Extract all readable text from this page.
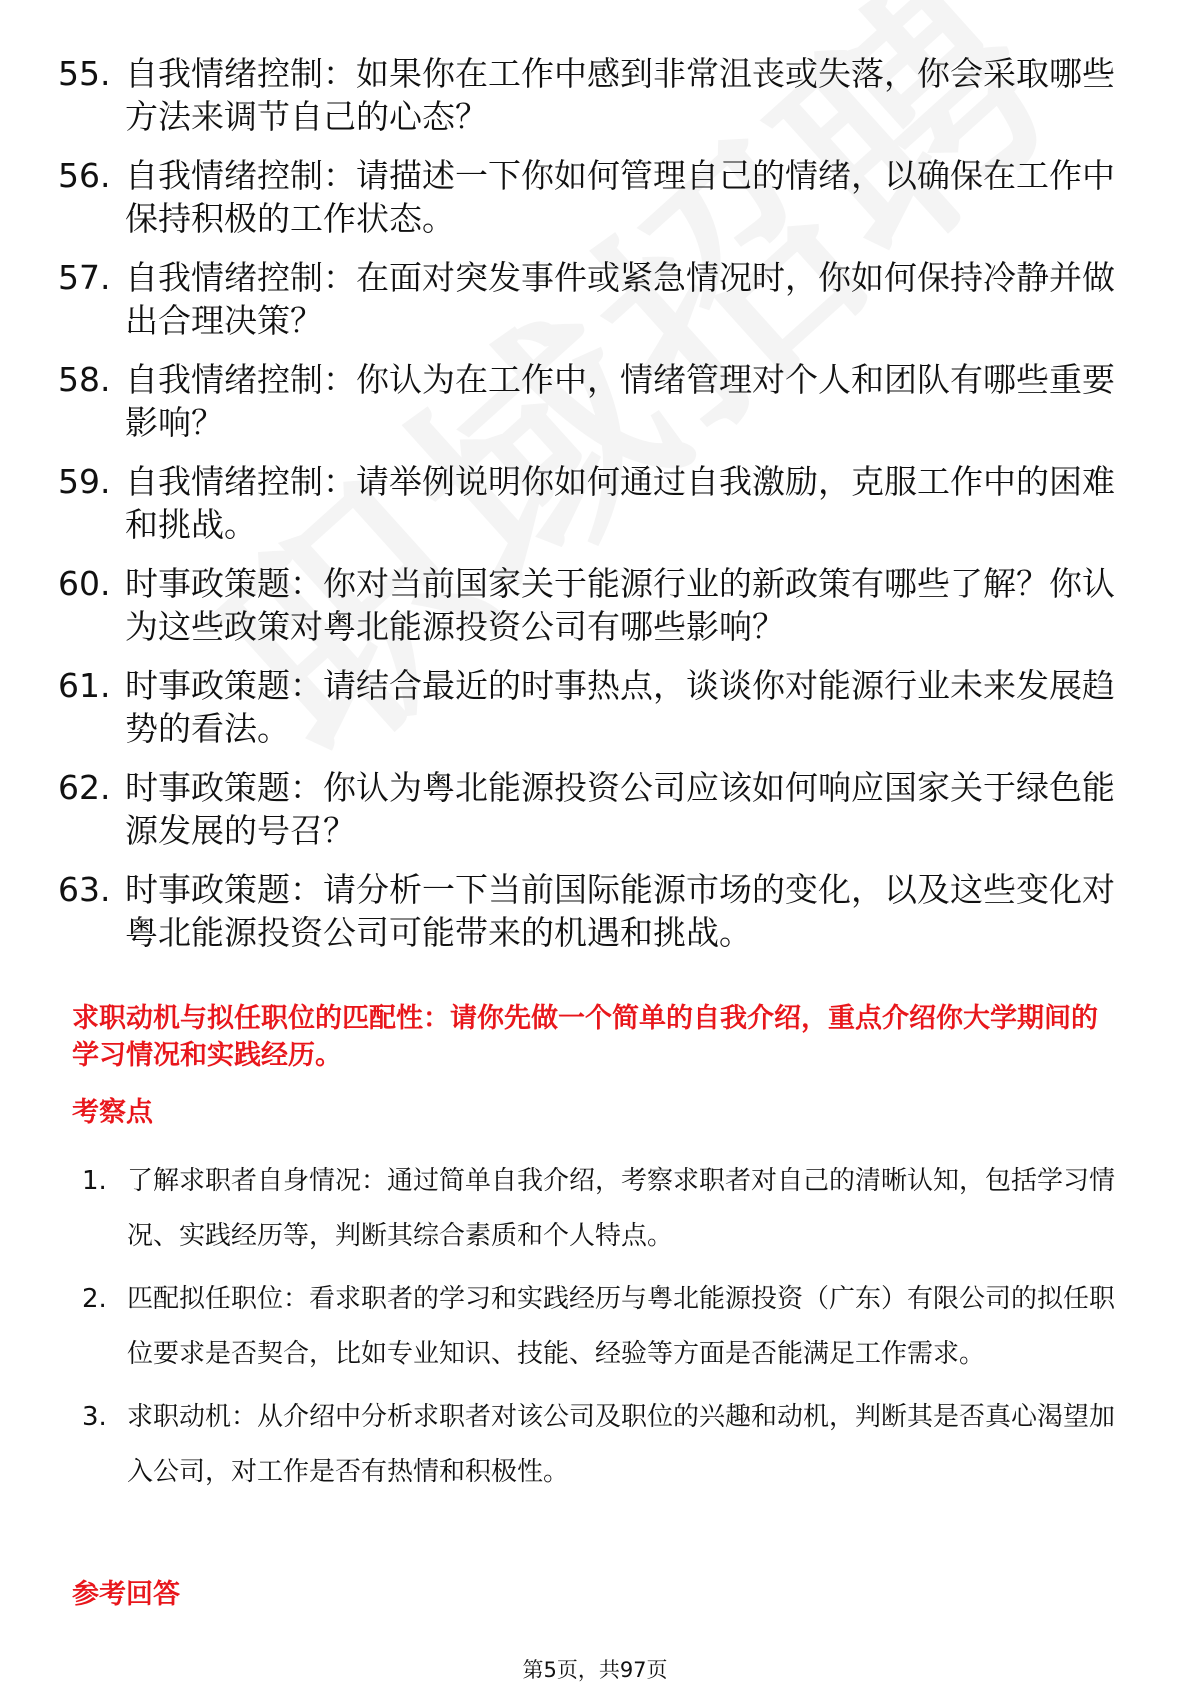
55. 自我情绪控制：如果你在工作中感到非常沮丧或失落，你会采取哪些方法来调节自己的心态？
56. 自我情绪控制：请描述一下你如何管理自己的情绪，以确保在工作中保持积极的工作状态。
57. 自我情绪控制：在面对突发事件或紧急情况时，你如何保持冷静并做出合理决策？
58. 自我情绪控制：你认为在工作中，情绪管理对个人和团队有哪些重要影响？
59. 自我情绪控制：请举例说明你如何通过自我激励，克服工作中的困难和挑战。
60. 时事政策题：你对当前国家关于能源行业的新政策有哪些了解？你认为这些政策对粤北能源投资公司有哪些影响？
61. 时事政策题：请结合最近的时事热点，谈谈你对能源行业未来发展趋势的看法。
62. 时事政策题：你认为粤北能源投资公司应该如何响应国家关于绿色能源发展的号召？
63. 时事政策题：请分析一下当前国际能源市场的变化，以及这些变化对粤北能源投资公司可能带来的机遇和挑战。
求职动机与拟任职位的匹配性：请你先做一个简单的自我介绍，重点介绍你大学期间的学习情况和实践经历。
考察点
1. 了解求职者自身情况：通过简单自我介绍，考察求职者对自己的清晰认知，包括学习情况、实践经历等，判断其综合素质和个人特点。
2. 匹配拟任职位：看求职者的学习和实践经历与粤北能源投资（广东）有限公司的拟任职位要求是否契合，比如专业知识、技能、经验等方面是否能满足工作需求。
3. 求职动机：从介绍中分析求职者对该公司及职位的兴趣和动机，判断其是否真心渴望加入公司，对工作是否有热情和积极性。
参考回答
第5页，共97页
